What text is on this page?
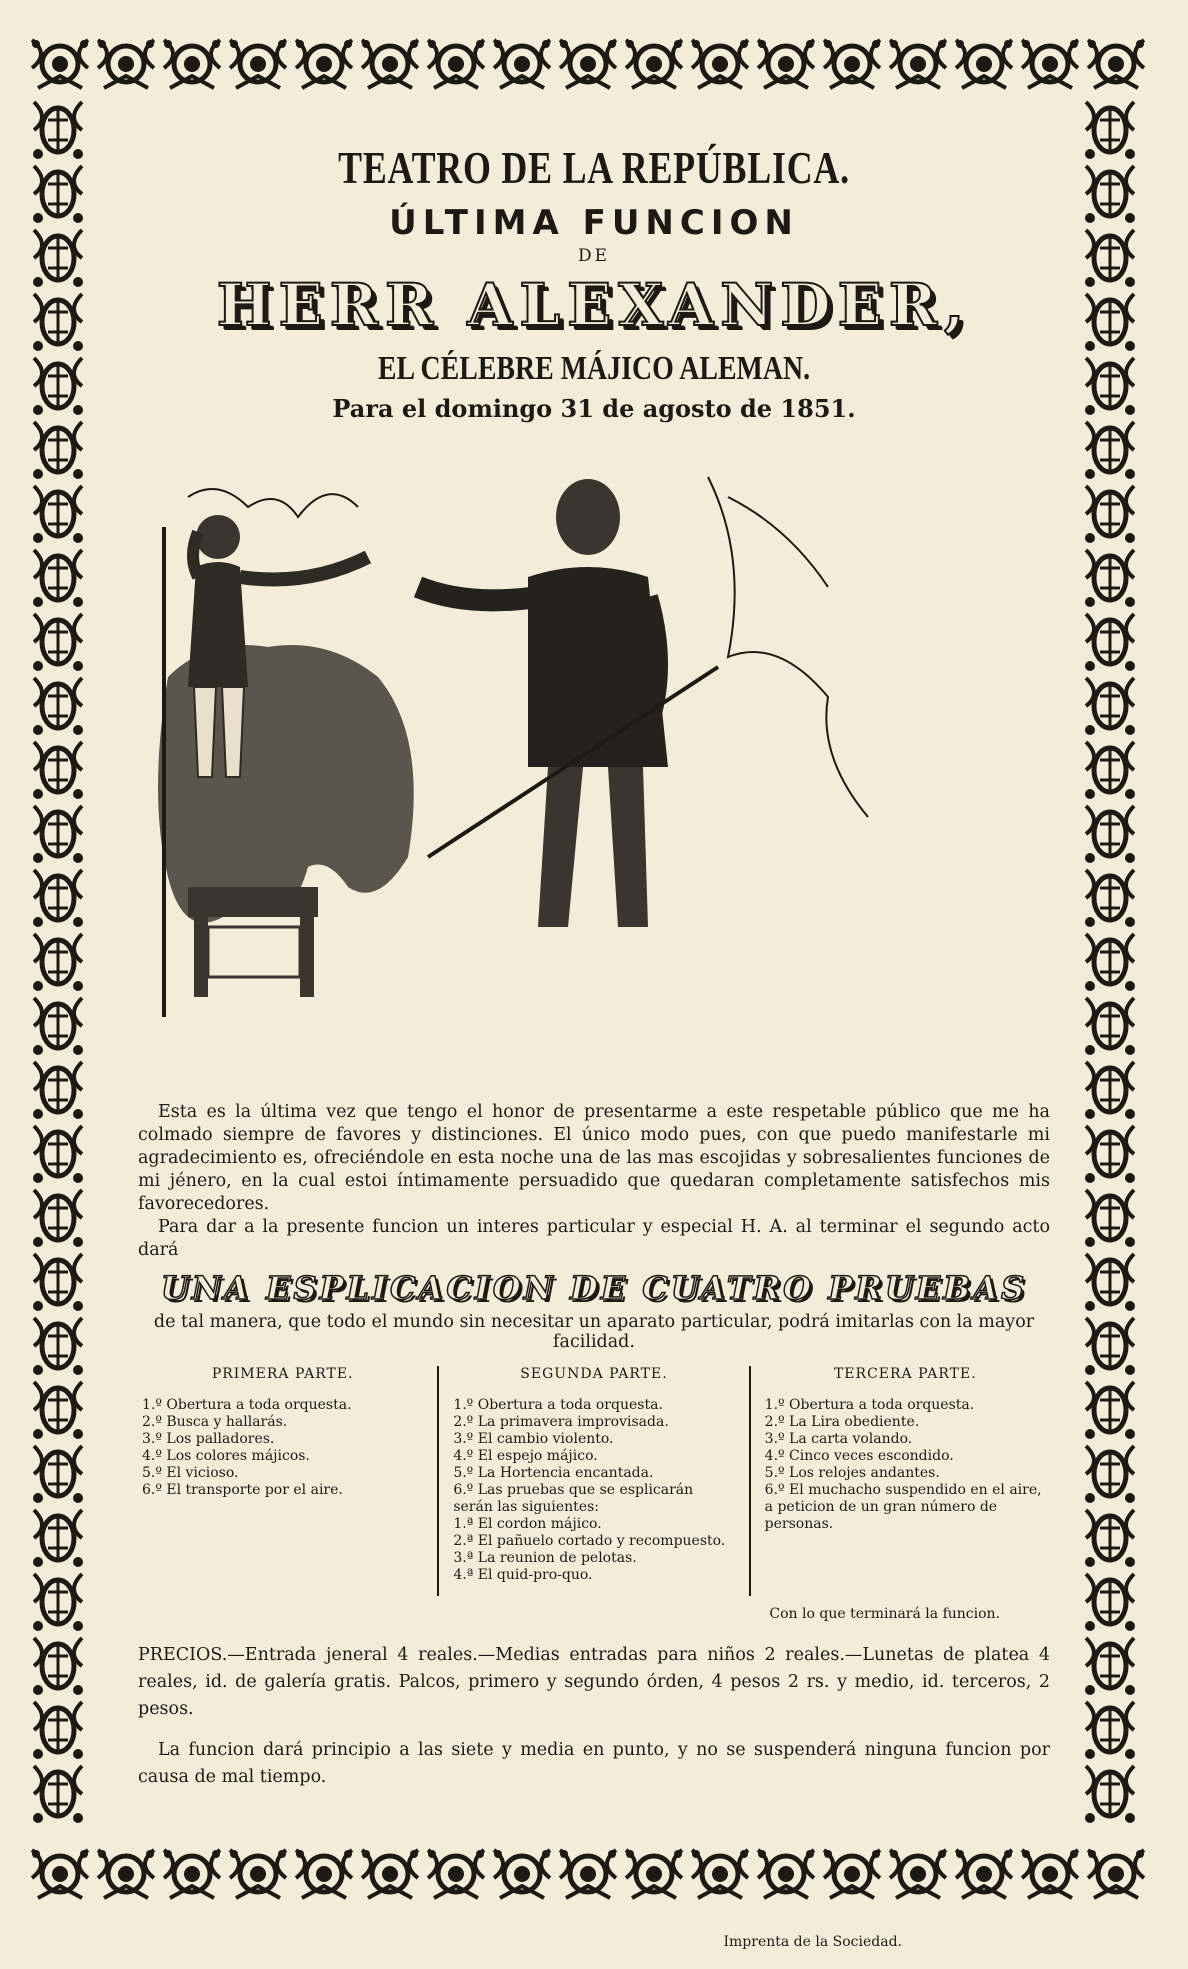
TEATRO DE LA REPÚBLICA.
ÚLTIMA FUNCION
DE
HERR ALEXANDER,
EL CÉLEBRE MÁJICO ALEMAN.
Para el domingo 31 de agosto de 1851.

Esta es la última vez que tengo el honor de presentarme a este respetable público que me ha colmado siempre de favores y distinciones. El único modo pues, con que puedo manifestarle mi agradecimiento es, ofreciéndole en esta noche una de las mas escojidas y sobresalientes funciones de mi jénero, en la cual estoi íntimamente persuadido que quedaran completamente satisfechos mis favorecedores.

Para dar a la presente funcion un interes particular y especial H. A. al terminar el segundo acto dará

UNA ESPLICACION DE CUATRO PRUEBAS
de tal manera, que todo el mundo sin necesitar un aparato particular, podrá imitarlas con la mayor facilidad.
PRIMERA PARTE.
1.º Obertura a toda orquesta.
2.º Busca y hallarás.
3.º Los palladores.
4.º Los colores májicos.
5.º El vicioso.
6.º El transporte por el aire.
SEGUNDA PARTE.
1.º Obertura a toda orquesta.
2.º La primavera improvisada.
3.º El cambio violento.
4.º El espejo májico.
5.º La Hortencia encantada.
6.º Las pruebas que se esplicarán serán las siguientes:
1.ª El cordon májico.
2.ª El pañuelo cortado y recompuesto.
3.ª La reunion de pelotas.
4.ª El quid-pro-quo.
TERCERA PARTE.
1.º Obertura a toda orquesta.
2.º La Lira obediente.
3.º La carta volando.
4.º Cinco veces escondido.
5.º Los relojes andantes.
6.º El muchacho suspendido en el aire, a peticion de un gran número de personas.
Con lo que terminará la funcion.
PRECIOS.—Entrada jeneral 4 reales.—Medias entradas para niños 2 reales.—Lunetas de platea 4 reales, id. de galería gratis. Palcos, primero y segundo órden, 4 pesos 2 rs. y medio, id. terceros, 2 pesos.
La funcion dará principio a las siete y media en punto, y no se suspenderá ninguna funcion por causa de mal tiempo.
Imprenta de la Sociedad.
